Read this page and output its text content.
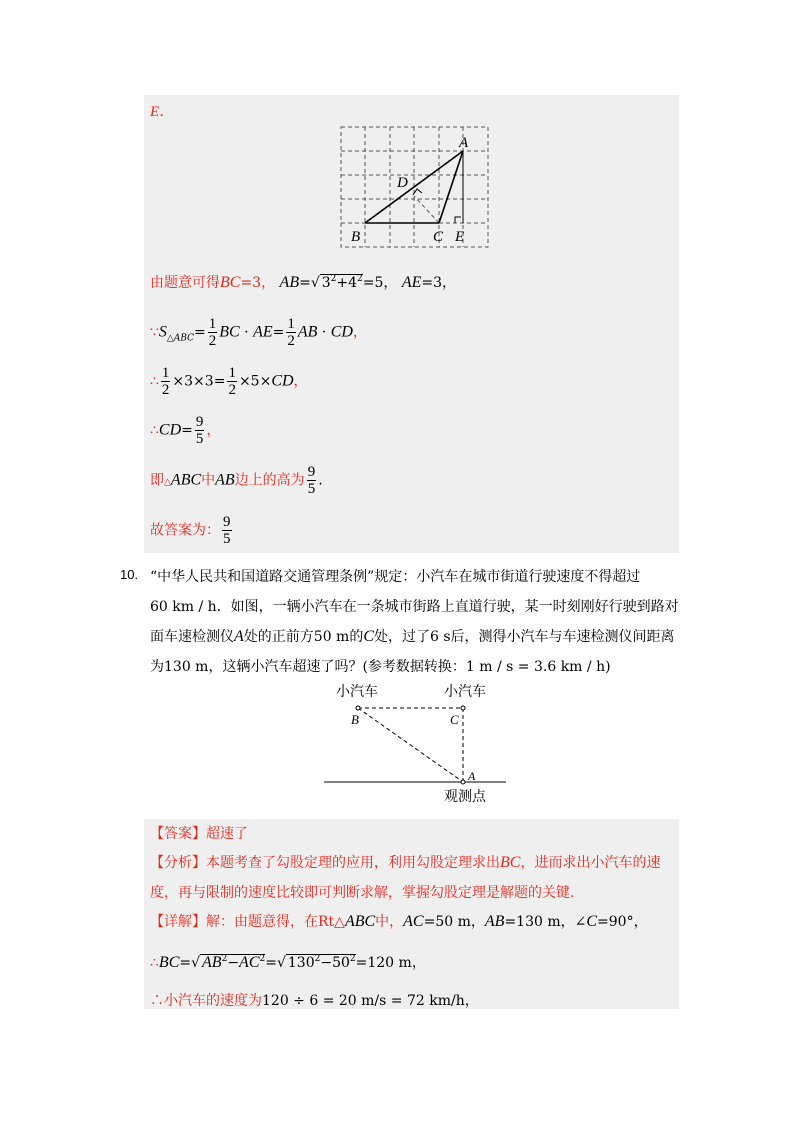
E．
A
D
B	C E
由题意可得BC=3， AB=√ $3^2+4^2=5$， AE=3，
$\because S_{\triangle ABC}= \frac{1}{2}$ BC · $AE= \frac{1}{2}$ AB · CD，
∴ $\frac{1}{2} \times 3\times 3= \frac{1}{2} \times 5\times CD$，
∴CD= $\frac{9}{5}$ ，
即△ABC中AB边上的高为 $\frac{9}{5}$ .
故答案为： $\frac{9}{5}$
10. “中华人民共和国道路交通管理条例”规定：小汽车在城市街道行驶速度不得超过
60 km / h．如图，一辆小汽车在一条城市街路上直道行驶，某一时刻刚好行驶到路对
面车速检测仪A处的正前方50 m的C处，过了6 s后，测得小汽车与车速检测仪间距离
为130 m，这辆小汽车超速了吗？(参考数据转换：1 m / s = 3.6 km / h)
小汽车	小汽车
B	C
A
观测点
【答案】超速了
【分析】本题考查了勾股定理的应用，利用勾股定理求出BC，进而求出小汽车的速
度，再与限制的速度比较即可判断求解，掌握勾股定理是解题的关键.
【详解】解：由题意得，在Rt△ABC中，AC=50 m，AB=130 m，∠C=90°，
∴BC=√ $AB^2-AC^2=√$ $130^2-50^2=120$ m，
∴小汽车的速度为120 ÷ 6 = 20 m/s = 72 km/h，
